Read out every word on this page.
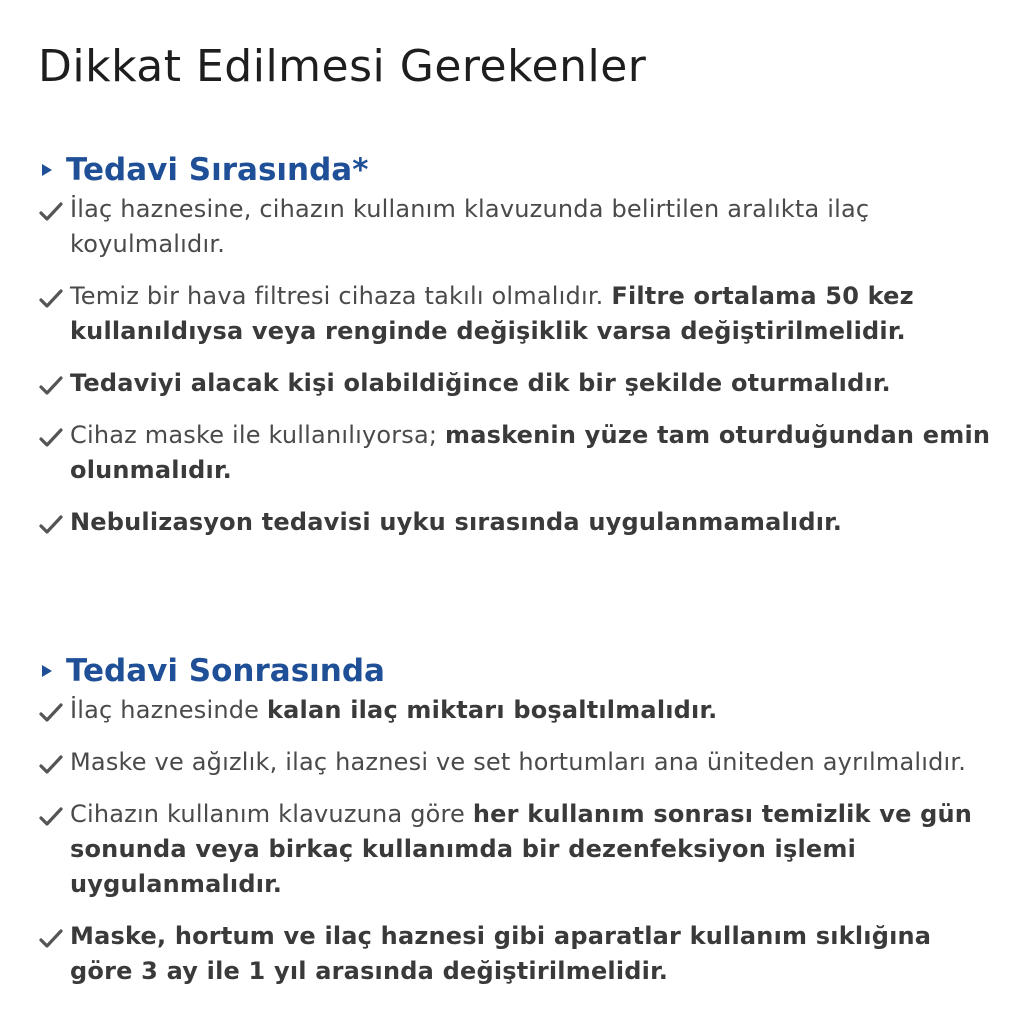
Dikkat Edilmesi Gerekenler
Tedavi Sırasında*
İlaç haznesine, cihazın kullanım klavuzunda belirtilen aralıkta ilaç koyulmalıdır.
Temiz bir hava filtresi cihaza takılı olmalıdır. Filtre ortalama 50 kez kullanıldıysa veya renginde değişiklik varsa değiştirilmelidir.
Tedaviyi alacak kişi olabildiğince dik bir şekilde oturmalıdır.
Cihaz maske ile kullanılıyorsa; maskenin yüze tam oturduğundan emin olunmalıdır.
Nebulizasyon tedavisi uyku sırasında uygulanmamalıdır.
Tedavi Sonrasında
İlaç haznesinde kalan ilaç miktarı boşaltılmalıdır.
Maske ve ağızlık, ilaç haznesi ve set hortumları ana üniteden ayrılmalıdır.
Cihazın kullanım klavuzuna göre her kullanım sonrası temizlik ve gün sonunda veya birkaç kullanımda bir dezenfeksiyon işlemi uygulanmalıdır.
Maske, hortum ve ilaç haznesi gibi aparatlar kullanım sıklığına göre 3 ay ile 1 yıl arasında değiştirilmelidir.
